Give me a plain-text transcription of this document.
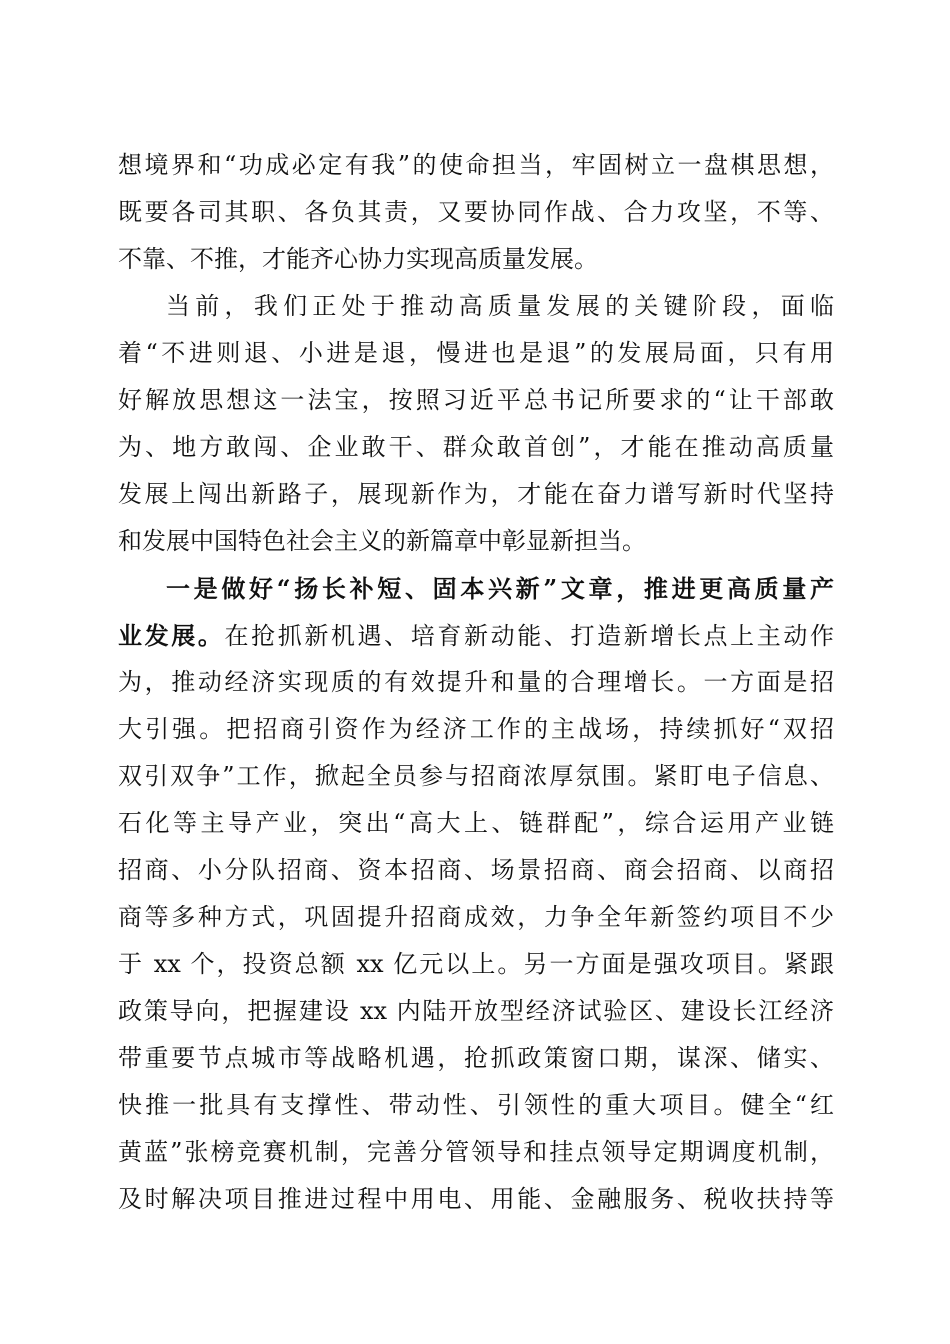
想境界和“功成必定有我”的使命担当，牢固树立一盘棋思想，
既要各司其职、各负其责，又要协同作战、合力攻坚，不等、
不靠、不推，才能齐心协力实现高质量发展。
当前，我们正处于推动高质量发展的关键阶段，面临
着“不进则退、小进是退，慢进也是退”的发展局面，只有用
好解放思想这一法宝，按照习近平总书记所要求的“让干部敢
为、地方敢闯、企业敢干、群众敢首创”，才能在推动高质量
发展上闯出新路子，展现新作为，才能在奋力谱写新时代坚持
和发展中国特色社会主义的新篇章中彰显新担当。
一是做好“扬长补短、固本兴新”文章，推进更高质量产
业发展。在抢抓新机遇、培育新动能、打造新增长点上主动作
为，推动经济实现质的有效提升和量的合理增长。一方面是招
大引强。把招商引资作为经济工作的主战场，持续抓好“双招
双引双争”工作，掀起全员参与招商浓厚氛围。紧盯电子信息、
石化等主导产业，突出“高大上、链群配”，综合运用产业链
招商、小分队招商、资本招商、场景招商、商会招商、以商招
商等多种方式，巩固提升招商成效，力争全年新签约项目不少
于 xx 个，投资总额 xx 亿元以上。另一方面是强攻项目。紧跟
政策导向，把握建设 xx 内陆开放型经济试验区、建设长江经济
带重要节点城市等战略机遇，抢抓政策窗口期，谋深、储实、
快推一批具有支撑性、带动性、引领性的重大项目。健全“红
黄蓝”张榜竞赛机制，完善分管领导和挂点领导定期调度机制，
及时解决项目推进过程中用电、用能、金融服务、税收扶持等
